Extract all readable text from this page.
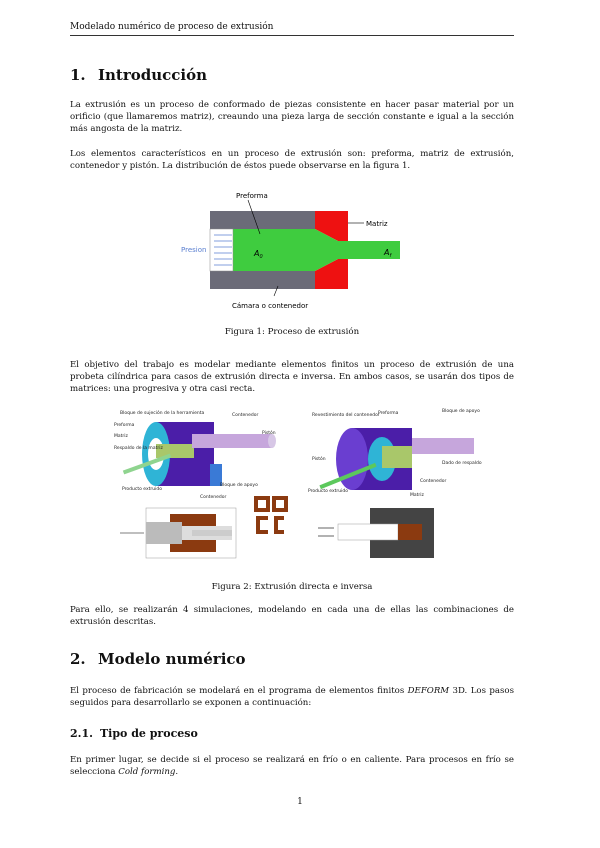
Modelado numérico de proceso de extrusión
1. Introducción
La extrusión es un proceso de conformado de piezas consistente en hacer pasar material por un orificio (que llamaremos matriz), creaundo una pieza larga de sección constante e igual a la sección más angosta de la matriz.
Los elementos característicos en un proceso de extrusión son: preforma, matriz de extrusión, contenedor y pistón. La distribución de éstos puede observarse en la figura 1.
Preforma
Matriz
Presion	$A_0$	$A_f$
Cámara o contenedor
Figura 1: Proceso de extrusión
El objetivo del trabajo es modelar mediante elementos finitos un proceso de extrusión de una probeta cilíndrica para casos de extrusión directa e inversa. En ambos casos, se usarán dos tipos de matrices: una progresiva y otra casi recta.
Bloque de sujeción de la herramienta
Preforma
Matriz
Respaldo de la matriz
Producto extruido
Contenedor
Pistón
Bloque de apoyo
Contenedor
Preforma
Revestimiento del contenedor
Bloque de apoyo
Pistón
Dado de respaldo
Producto extruido
Contenedor
Matriz
Figura 2: Extrusión directa e inversa
Para ello, se realizarán 4 simulaciones, modelando en cada una de ellas las combinaciones de extrusión descritas.
2. Modelo numérico
El proceso de fabricación se modelará en el programa de elementos finitos DEFORM 3D. Los pasos seguidos para desarrollarlo se exponen a continuación:
2.1. Tipo de proceso
En primer lugar, se decide si el proceso se realizará en frío o en caliente. Para procesos en frío se selecciona Cold forming.
1
